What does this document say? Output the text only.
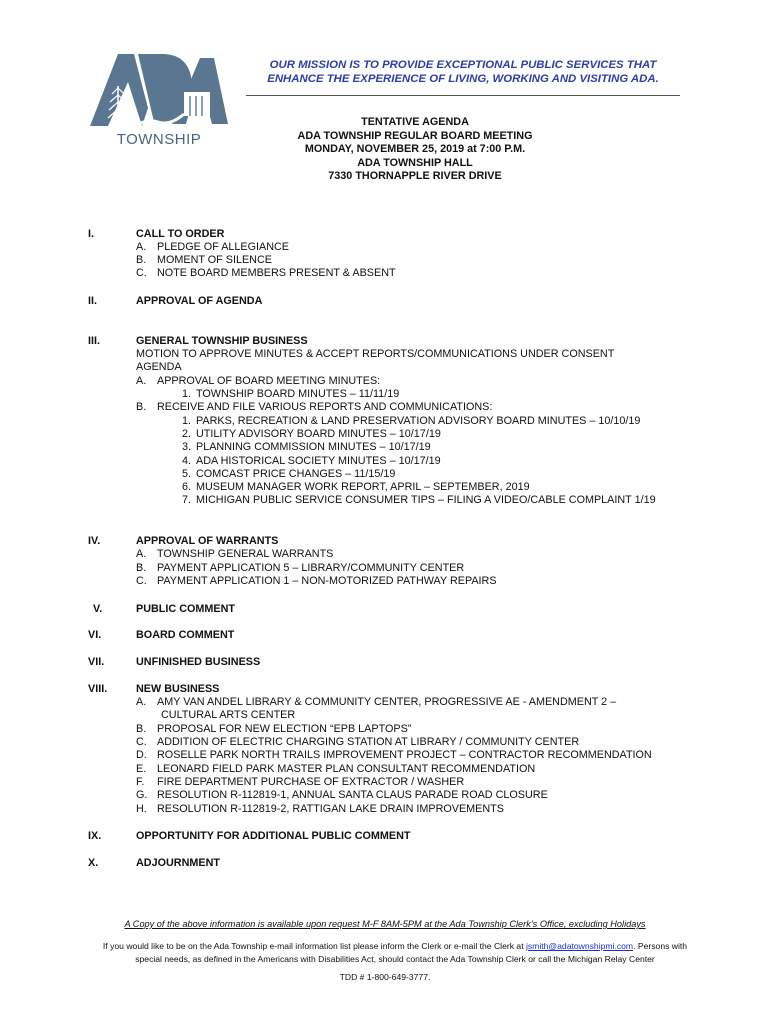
TOWNSHIP
OUR MISSION IS TO PROVIDE EXCEPTIONAL PUBLIC SERVICES THAT
ENHANCE THE EXPERIENCE OF LIVING, WORKING AND VISITING ADA.
TENTATIVE AGENDA
ADA TOWNSHIP REGULAR BOARD MEETING
MONDAY, NOVEMBER 25, 2019 at 7:00 P.M.
ADA TOWNSHIP HALL
7330 THORNAPPLE RIVER DRIVE
I.	CALL TO ORDER
A. PLEDGE OF ALLEGIANCE
B. MOMENT OF SILENCE
C. NOTE BOARD MEMBERS PRESENT & ABSENT
II.	APPROVAL OF AGENDA
III.	GENERAL TOWNSHIP BUSINESS
MOTION TO APPROVE MINUTES & ACCEPT REPORTS/COMMUNICATIONS UNDER CONSENT
AGENDA
A. APPROVAL OF BOARD MEETING MINUTES:
1. TOWNSHIP BOARD MINUTES – 11/11/19
B. RECEIVE AND FILE VARIOUS REPORTS AND COMMUNICATIONS:
1. PARKS, RECREATION & LAND PRESERVATION ADVISORY BOARD MINUTES – 10/10/19
2. UTILITY ADVISORY BOARD MINUTES – 10/17/19
3. PLANNING COMMISSION MINUTES – 10/17/19
4. ADA HISTORICAL SOCIETY MINUTES – 10/17/19
5. COMCAST PRICE CHANGES – 11/15/19
6. MUSEUM MANAGER WORK REPORT, APRIL – SEPTEMBER, 2019
7. MICHIGAN PUBLIC SERVICE CONSUMER TIPS – FILING A VIDEO/CABLE COMPLAINT 1/19
IV.	APPROVAL OF WARRANTS
A. TOWNSHIP GENERAL WARRANTS
B. PAYMENT APPLICATION 5 – LIBRARY/COMMUNITY CENTER
C. PAYMENT APPLICATION 1 – NON-MOTORIZED PATHWAY REPAIRS
V.	PUBLIC COMMENT
VI.	BOARD COMMENT
VII.	UNFINISHED BUSINESS
VIII.	NEW BUSINESS
A. AMY VAN ANDEL LIBRARY & COMMUNITY CENTER, PROGRESSIVE AE - AMENDMENT 2 –
CULTURAL ARTS CENTER
B. PROPOSAL FOR NEW ELECTION “EPB LAPTOPS”
C. ADDITION OF ELECTRIC CHARGING STATION AT LIBRARY / COMMUNITY CENTER
D. ROSELLE PARK NORTH TRAILS IMPROVEMENT PROJECT – CONTRACTOR RECOMMENDATION
E. LEONARD FIELD PARK MASTER PLAN CONSULTANT RECOMMENDATION
F. FIRE DEPARTMENT PURCHASE OF EXTRACTOR / WASHER
G. RESOLUTION R-112819-1, ANNUAL SANTA CLAUS PARADE ROAD CLOSURE
H. RESOLUTION R-112819-2, RATTIGAN LAKE DRAIN IMPROVEMENTS
IX.	OPPORTUNITY FOR ADDITIONAL PUBLIC COMMENT
X.	ADJOURNMENT
A Copy of the above information is available upon request M-F 8AM-5PM at the Ada Township Clerk’s Office, excluding Holidays
If you would like to be on the Ada Township e-mail information list please inform the Clerk or e-mail the Clerk at jsmith@adatownshipmi.com. Persons with
special needs, as defined in the Americans with Disabilities Act, should contact the Ada Township Clerk or call the Michigan Relay Center
TDD # 1-800-649-3777.
